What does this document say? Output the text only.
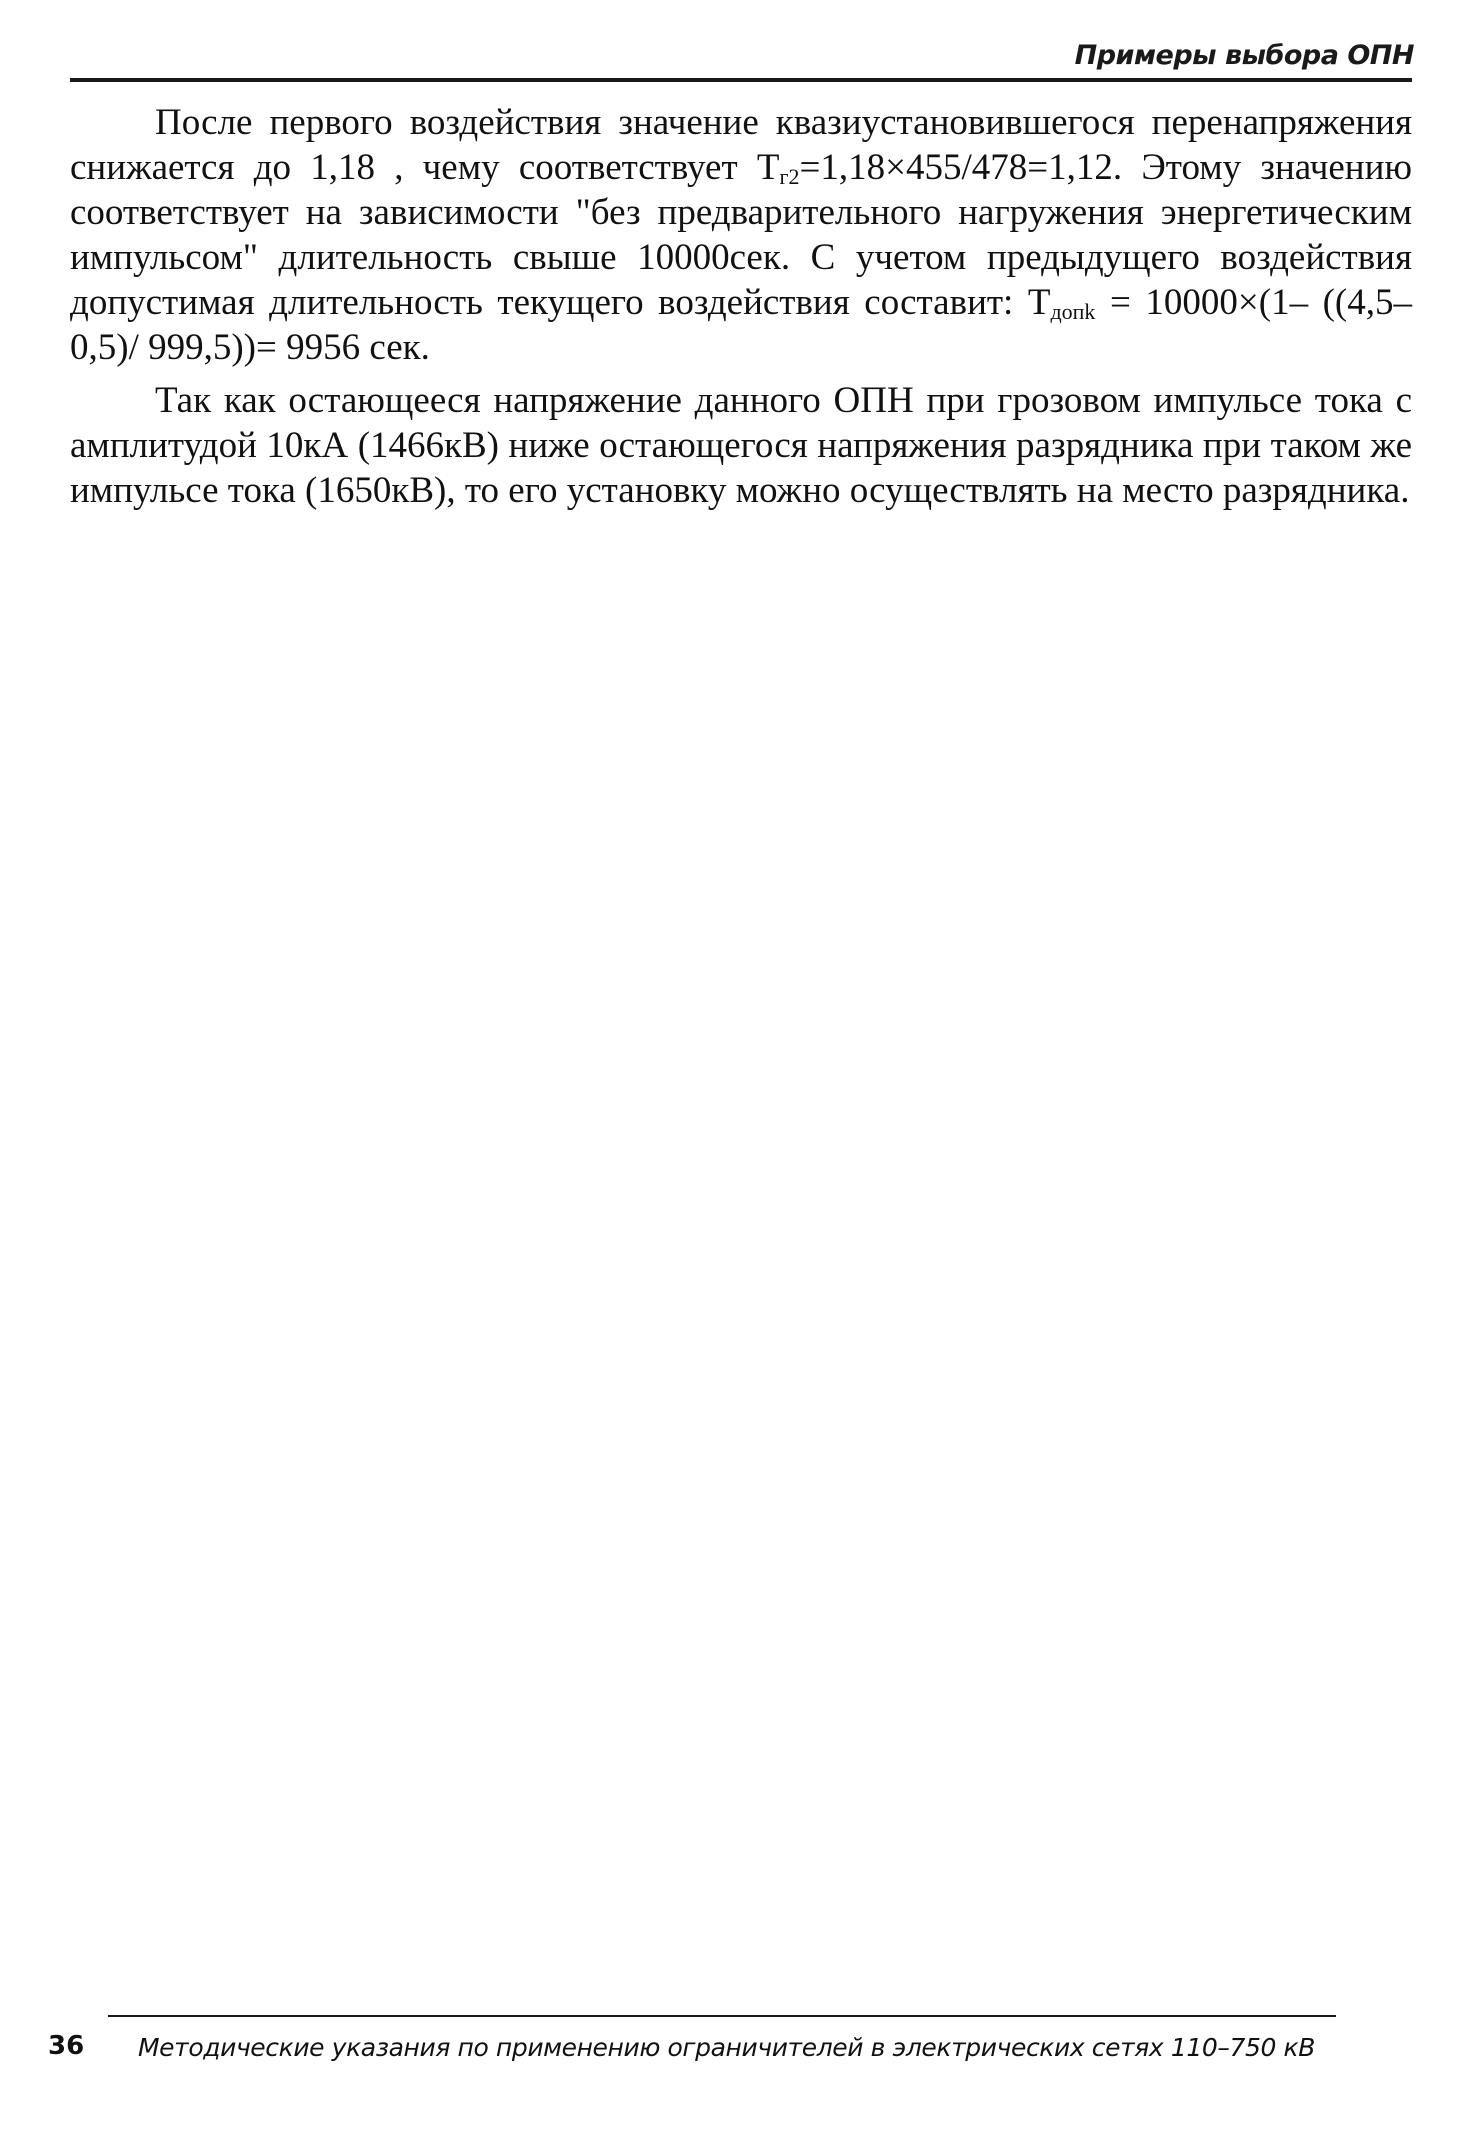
Примеры выбора ОПН

После первого воздействия значение квазиустановившегося перенапряжения снижается до 1,18 , чему соответствует $Т_{г2}=1,18\times 455/478=1,12$. Этому значению соответствует на зависимости "без предварительного нагружения энергетическим импульсом" длительность свыше 10000сек. С учетом предыдущего воздействия допустимая длительность текущего воздействия составит: $Т_{допk} = 10000\times(1-$ ((4,5–0,5)/ 999,5))= 9956 сек.

Так как остающееся напряжение данного ОПН при грозовом импульсе тока с амплитудой 10кА (1466кВ) ниже остающегося напряжения разрядника при таком же импульсе тока (1650кВ), то его установку можно осуществлять на место разрядника.

36 Методические указания по применению ограничителей в электрических сетях 110–750 кВ
